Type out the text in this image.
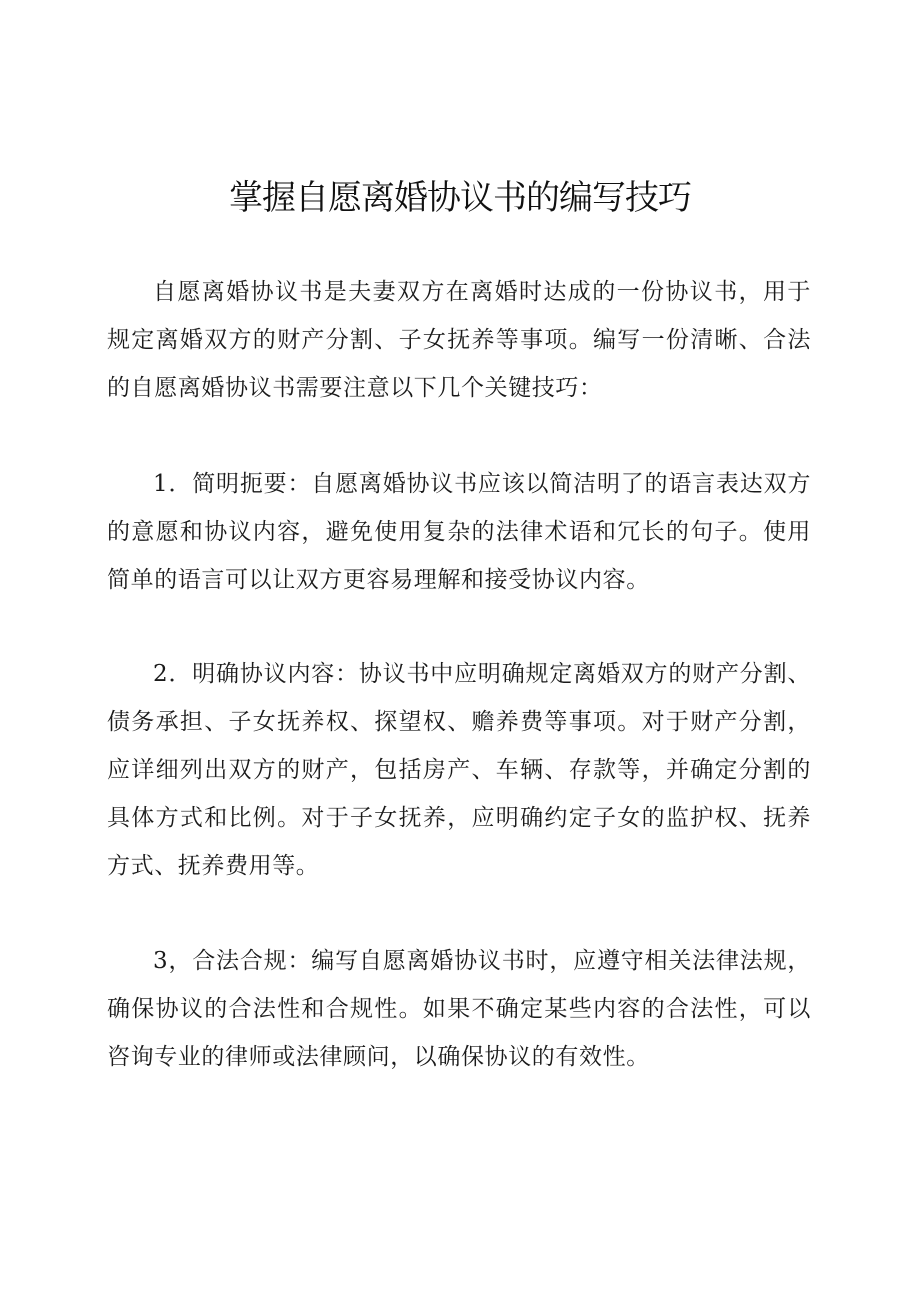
掌握自愿离婚协议书的编写技巧

自愿离婚协议书是夫妻双方在离婚时达成的一份协议书，用于规定离婚双方的财产分割、子女抚养等事项。编写一份清晰、合法的自愿离婚协议书需要注意以下几个关键技巧：

1．简明扼要：自愿离婚协议书应该以简洁明了的语言表达双方的意愿和协议内容，避免使用复杂的法律术语和冗长的句子。使用简单的语言可以让双方更容易理解和接受协议内容。

2．明确协议内容：协议书中应明确规定离婚双方的财产分割、债务承担、子女抚养权、探望权、赡养费等事项。对于财产分割，应详细列出双方的财产，包括房产、车辆、存款等，并确定分割的具体方式和比例。对于子女抚养，应明确约定子女的监护权、抚养方式、抚养费用等。

3，合法合规：编写自愿离婚协议书时，应遵守相关法律法规，确保协议的合法性和合规性。如果不确定某些内容的合法性，可以咨询专业的律师或法律顾问，以确保协议的有效性。
